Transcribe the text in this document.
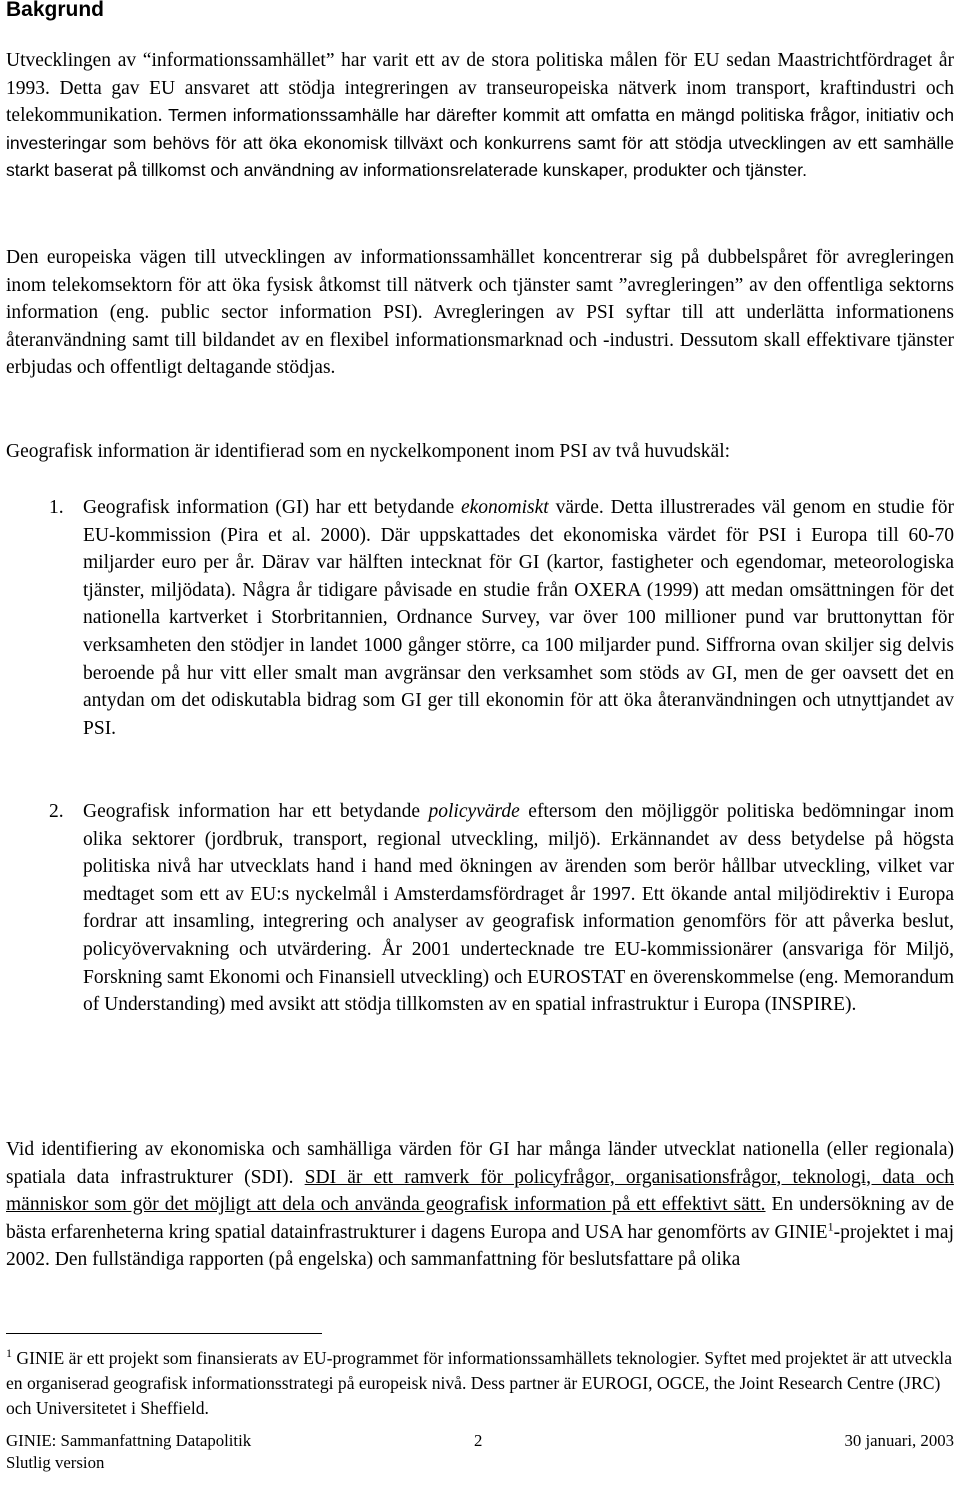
Bakgrund

Utvecklingen av “informationssamhället” har varit ett av de stora politiska målen för EU sedan Maastrichtfördraget år 1993. Detta gav EU ansvaret att stödja integreringen av transeuropeiska nätverk inom transport, kraftindustri och telekommunikation. Termen informationssamhälle har därefter kommit att omfatta en mängd politiska frågor, initiativ och investeringar som behövs för att öka ekonomisk tillväxt och konkurrens samt för att stödja utvecklingen av ett samhälle starkt baserat på tillkomst och användning av informationsrelaterade kunskaper, produkter och tjänster.

Den europeiska vägen till utvecklingen av informationssamhället koncentrerar sig på dubbelspåret för avregleringen inom telekomsektorn för att öka fysisk åtkomst till nätverk och tjänster samt ”avregleringen” av den offentliga sektorns information (eng. public sector information PSI). Avregleringen av PSI syftar till att underlätta informationens återanvändning samt till bildandet av en flexibel informationsmarknad och -industri. Dessutom skall effektivare tjänster erbjudas och offentligt deltagande stödjas.

Geografisk information är identifierad som en nyckelkomponent inom PSI av två huvudskäl:

1. Geografisk information (GI) har ett betydande ekonomiskt värde. Detta illustrerades väl genom en studie för EU-kommission (Pira et al. 2000). Där uppskattades det ekonomiska värdet för PSI i Europa till 60-70 miljarder euro per år. Därav var hälften intecknat för GI (kartor, fastigheter och egendomar, meteorologiska tjänster, miljödata). Några år tidigare påvisade en studie från OXERA (1999) att medan omsättningen för det nationella kartverket i Storbritannien, Ordnance Survey, var över 100 millioner pund var bruttonyttan för verksamheten den stödjer in landet 1000 gånger större, ca 100 miljarder pund. Siffrorna ovan skiljer sig delvis beroende på hur vitt eller smalt man avgränsar den verksamhet som stöds av GI, men de ger oavsett det en antydan om det odiskutabla bidrag som GI ger till ekonomin för att öka återanvändningen och utnyttjandet av PSI.

2. Geografisk information har ett betydande policyvärde eftersom den möjliggör politiska bedömningar inom olika sektorer (jordbruk, transport, regional utveckling, miljö). Erkännandet av dess betydelse på högsta politiska nivå har utvecklats hand i hand med ökningen av ärenden som berör hållbar utveckling, vilket var medtaget som ett av EU:s nyckelmål i Amsterdamsfördraget år 1997. Ett ökande antal miljödirektiv i Europa fordrar att insamling, integrering och analyser av geografisk information genomförs för att påverka beslut, policyövervakning och utvärdering. År 2001 undertecknade tre EU-kommissionärer (ansvariga för Miljö, Forskning samt Ekonomi och Finansiell utveckling) och EUROSTAT en överenskommelse (eng. Memorandum of Understanding) med avsikt att stödja tillkomsten av en spatial infrastruktur i Europa (INSPIRE).

Vid identifiering av ekonomiska och samhälliga värden för GI har många länder utvecklat nationella (eller regionala) spatiala data infrastrukturer (SDI). SDI är ett ramverk för policyfrågor, organisationsfrågor, teknologi, data och människor som gör det möjligt att dela och använda geografisk information på ett effektivt sätt. En undersökning av de bästa erfarenheterna kring spatial datainfrastrukturer i dagens Europa and USA har genomförts av GINIE$^1$-projektet i maj 2002. Den fullständiga rapporten (på engelska) och sammanfattning för beslutsfattare på olika

$^1$ GINIE är ett projekt som finansierats av EU-programmet för informationssamhällets teknologier. Syftet med projektet är att utveckla en organiserad geografisk informationsstrategi på europeisk nivå. Dess partner är EUROGI, OGCE, the Joint Research Centre (JRC) och Universitetet i Sheffield.

GINIE: Sammanfattning Datapolitik	2	30 januari, 2003
Slutlig version
